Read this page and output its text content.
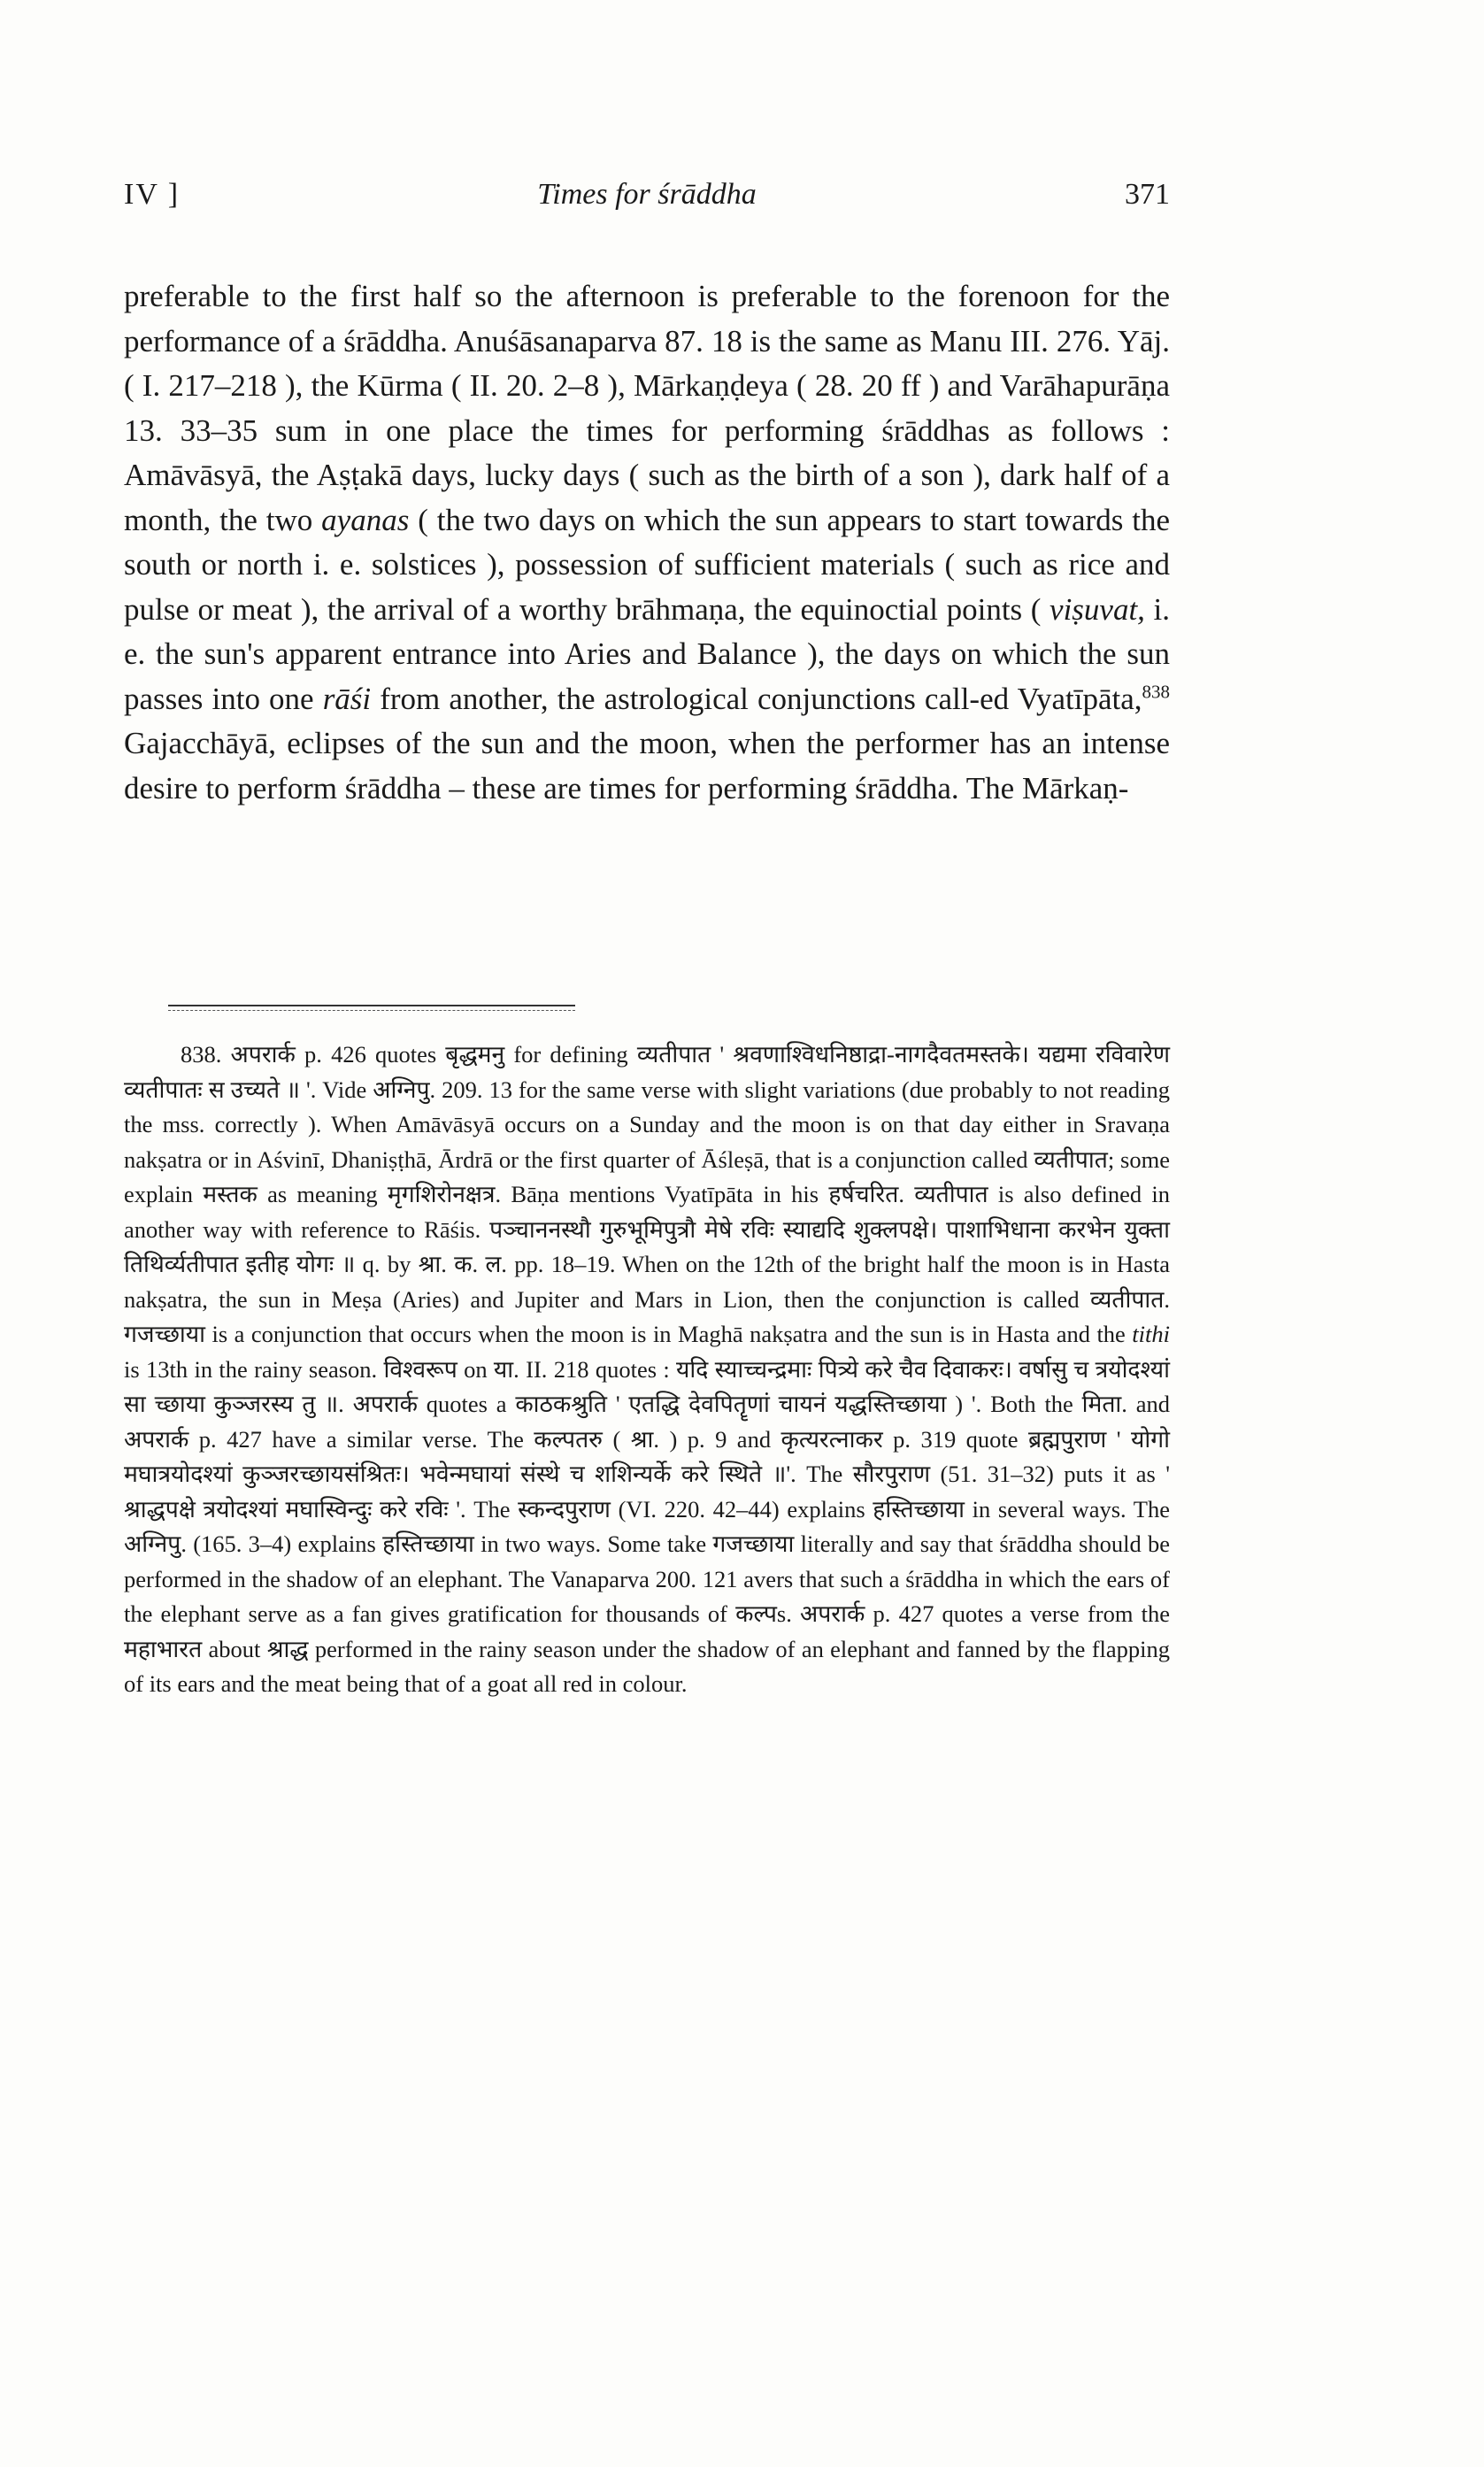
IV ]	Times for śrāddha	371

preferable to the first half so the afternoon is preferable to the forenoon for the performance of a śrāddha. Anuśāsanaparva 87. 18 is the same as Manu III. 276. Yāj. ( I. 217–218 ), the Kūrma ( II. 20. 2–8 ), Mārkaṇḍeya ( 28. 20 ff ) and Varāhapurāṇa 13. 33–35 sum in one place the times for performing śrāddhas as follows : Amāvāsyā, the Aṣṭakā days, lucky days ( such as the birth of a son ), dark half of a month, the two ayanas ( the two days on which the sun appears to start towards the south or north i. e. solstices ), possession of sufficient materials ( such as rice and pulse or meat ), the arrival of a worthy brāhmaṇa, the equinoctial points ( viṣuvat, i. e. the sun's apparent entrance into Aries and Balance ), the days on which the sun passes into one rāśi from another, the astrological conjunctions call-ed Vyatīpāta,$^{838}$ Gajacchāyā, eclipses of the sun and the moon, when the performer has an intense desire to perform śrāddha – these are times for performing śrāddha. The Mārkaṇ-

838. अपरार्क p. 426 quotes बृद्धमनु for defining व्यतीपात ' श्रवणाश्विधनिष्ठाद्रा-नागदैवतमस्तके। यद्यमा रविवारेण व्यतीपातः स उच्यते ॥ '. Vide अग्निपु. 209. 13 for the same verse with slight variations (due probably to not reading the mss. correctly ). When Amāvāsyā occurs on a Sunday and the moon is on that day either in Sravaṇa nakṣatra or in Aśvinī, Dhaniṣṭhā, Ārdrā or the first quarter of Āśleṣā, that is a conjunction called व्यतीपात; some explain मस्तक as meaning मृगशिरोनक्षत्र. Bāṇa mentions Vyatīpāta in his हर्षचरित. व्यतीपात is also defined in another way with reference to Rāśis. पञ्चाननस्थौ गुरुभूमिपुत्रौ मेषे रविः स्याद्यदि शुक्लपक्षे। पाशाभिधाना करभेन युक्ता तिथिर्व्यतीपात इतीह योगः ॥ q. by श्रा. क. ल. pp. 18–19. When on the 12th of the bright half the moon is in Hasta nakṣatra, the sun in Meṣa (Aries) and Jupiter and Mars in Lion, then the conjunction is called व्यतीपात. गजच्छाया is a conjunction that occurs when the moon is in Maghā nakṣatra and the sun is in Hasta and the tithi is 13th in the rainy season. विश्वरूप on या. II. 218 quotes : यदि स्याच्चन्द्रमाः पित्र्ये करे चैव दिवाकरः। वर्षासु च त्रयोदश्यां सा च्छाया कुञ्जरस्य तु ॥. अपरार्क quotes a काठकश्रुति ' एतद्धि देवपितॄणां चायनं यद्धस्तिच्छाया ) '. Both the मिता. and अपरार्क p. 427 have a similar verse. The कल्पतरु ( श्रा. ) p. 9 and कृत्यरत्नाकर p. 319 quote ब्रह्मपुराण ' योगो मघात्रयोदश्यां कुञ्जरच्छायसंश्रितः। भवेन्मघायां संस्थे च शशिन्यर्के करे स्थिते ॥'. The सौरपुराण (51. 31–32) puts it as ' श्राद्धपक्षे त्रयोदश्यां मघास्विन्दुः करे रविः '. The स्कन्दपुराण (VI. 220. 42–44) explains हस्तिच्छाया in several ways. The अग्निपु. (165. 3–4) explains हस्तिच्छाया in two ways. Some take गजच्छाया literally and say that śrāddha should be performed in the shadow of an elephant. The Vanaparva 200. 121 avers that such a śrāddha in which the ears of the elephant serve as a fan gives gratification for thousands of कल्पs. अपरार्क p. 427 quotes a verse from the महाभारत about श्राद्ध performed in the rainy season under the shadow of an elephant and fanned by the flapping of its ears and the meat being that of a goat all red in colour.
